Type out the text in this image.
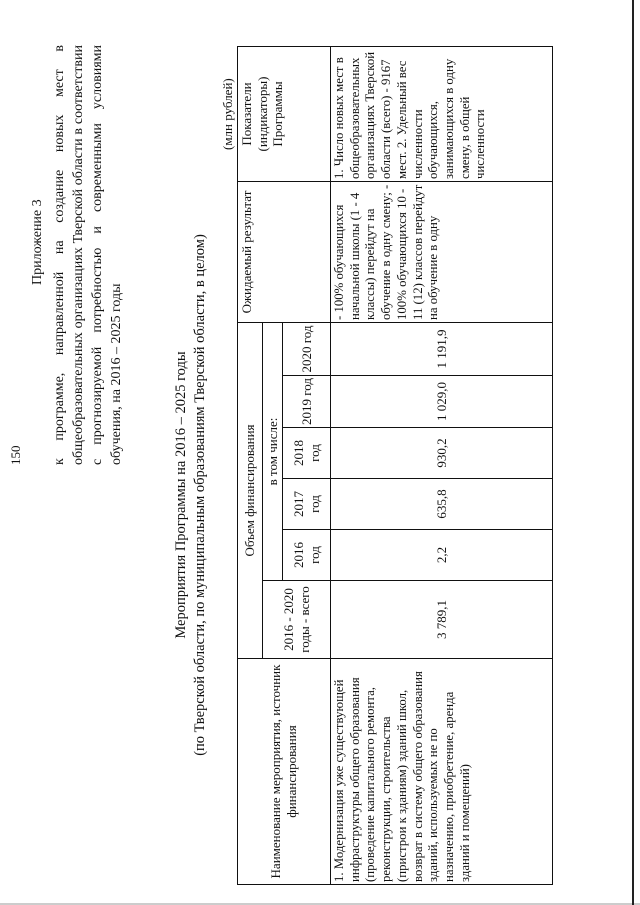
150
Приложение 3 к программе, направленной на создание новых мест в общеобразовательных организациях Тверской области в соответствии с прогнозируемой потребностью и современными условиями обучения, на 2016 – 2025 годы	Мероприятия Программы на 2016 – 2025 годы (по Тверской области, по муниципальным образованиям Тверской области, в целом)
(млн рублей)
Наименование мероприятия, источник финансирования	Объем финансирования						Ожидаемый результат	Показатели (индикаторы) Программы
	2016 - 2020 годы - всего	в том числе:						
		2016 год	2017 год	2018 год	2019 год	2020 год		
1. Модернизация уже существующей инфраструктуры общего образования (проведение капитального ремонта, реконструкции, строительства (пристрои к зданиям) зданий школ, возврат в систему общего образования зданий, используемых не по назначению, приобретение, аренда зданий и помещений)	3 789,1	2,2	635,8	930,2	1 029,0	1 191,9	- 100% обучающихся начальной школы (1 - 4 классы) перейдут на обучение в одну смену; - 100% обучающихся 10 - 11 (12) классов перейдут на обучение в одну	1. Число новых мест в общеобразовательных организациях Тверской области (всего) - 9167 мест. 2. Удельный вес численности обучающихся, занимающихся в одну смену, в общей численности
